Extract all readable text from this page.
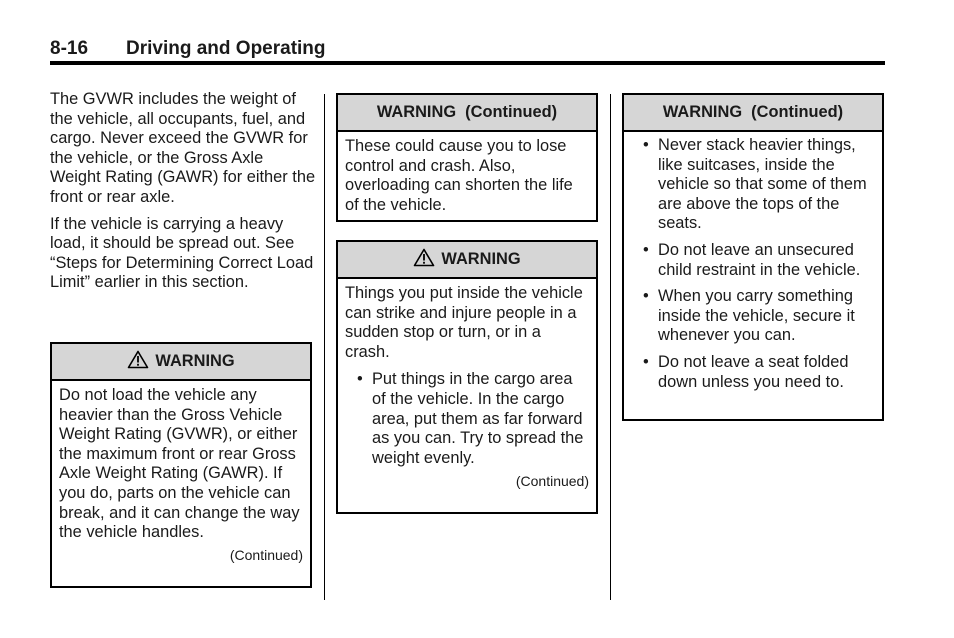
8-16 Driving and Operating

The GVWR includes the weight of the vehicle, all occupants, fuel, and cargo. Never exceed the GVWR for the vehicle, or the Gross Axle Weight Rating (GAWR) for either the front or rear axle.

If the vehicle is carrying a heavy load, it should be spread out. See “Steps for Determining Correct Load Limit” earlier in this section.

WARNING
Do not load the vehicle any heavier than the Gross Vehicle Weight Rating (GVWR), or either the maximum front or rear Gross Axle Weight Rating (GAWR). If you do, parts on the vehicle can break, and it can change the way the vehicle handles.
(Continued)
WARNING  (Continued)
These could cause you to lose control and crash. Also, overloading can shorten the life of the vehicle.
WARNING
Things you put inside the vehicle can strike and injure people in a sudden stop or turn, or in a crash.
• Put things in the cargo area of the vehicle. In the cargo area, put them as far forward as you can. Try to spread the weight evenly.
(Continued)
WARNING  (Continued)
• Never stack heavier things, like suitcases, inside the vehicle so that some of them are above the tops of the seats.
• Do not leave an unsecured child restraint in the vehicle.
• When you carry something inside the vehicle, secure it whenever you can.
• Do not leave a seat folded down unless you need to.
